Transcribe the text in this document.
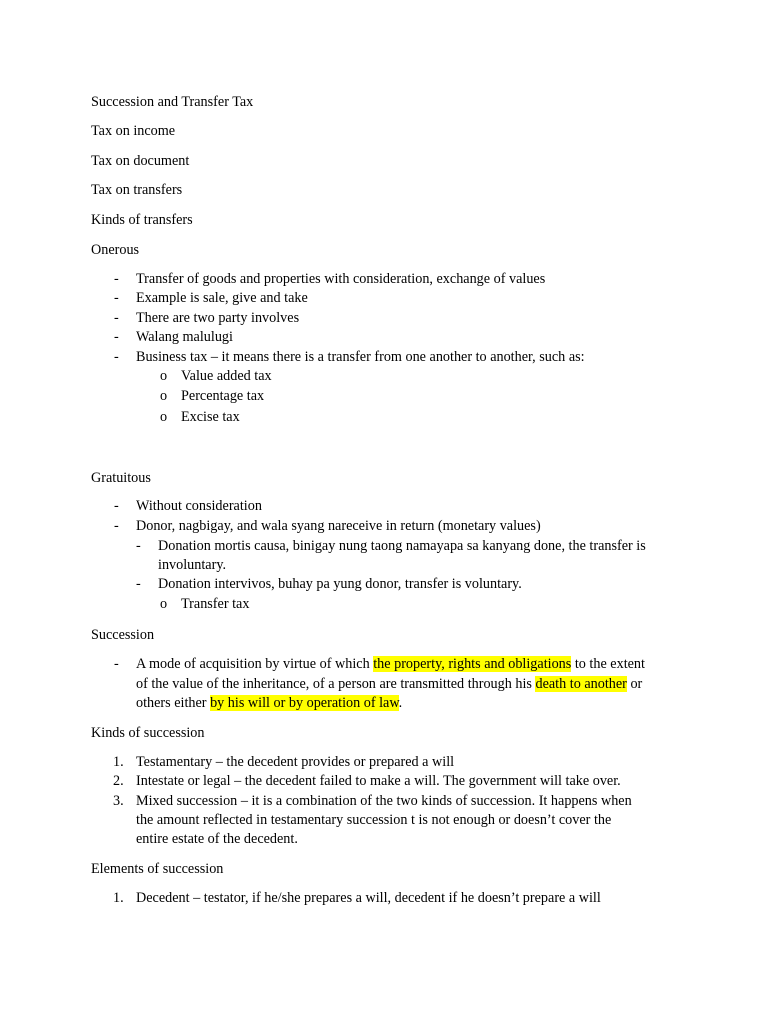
Succession and Transfer Tax
Tax on income
Tax on document
Tax on transfers
Kinds of transfers
Onerous
- Transfer of goods and properties with consideration, exchange of values
- Example is sale, give and take
- There are two party involves
- Walang malulugi
- Business tax – it means there is a transfer from one another to another, such as:
o Value added tax
o Percentage tax
o Excise tax
Gratuitous
- Without consideration
- Donor, nagbigay, and wala syang nareceive in return (monetary values)
- Donation mortis causa, binigay nung taong namayapa sa kanyang done, the transfer is
involuntary.
- Donation intervivos, buhay pa yung donor, transfer is voluntary.
o Transfer tax
Succession
- A mode of acquisition by virtue of which the property, rights and obligations to the extent
of the value of the inheritance, of a person are transmitted through his death to another or
others either by his will or by operation of law.
Kinds of succession
1. Testamentary – the decedent provides or prepared a will
2. Intestate or legal – the decedent failed to make a will. The government will take over.
3. Mixed succession – it is a combination of the two kinds of succession. It happens when
the amount reflected in testamentary succession t is not enough or doesn’t cover the
entire estate of the decedent.
Elements of succession
1. Decedent – testator, if he/she prepares a will, decedent if he doesn’t prepare a will
